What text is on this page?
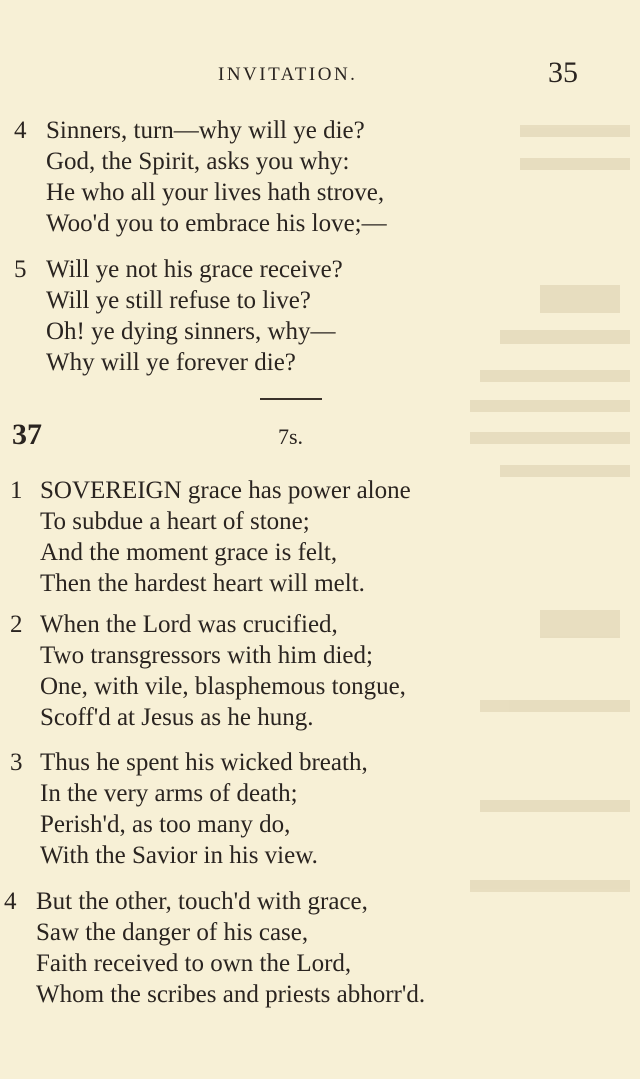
INVITATION.	35
4 Sinners, turn—why will ye die?
God, the Spirit, asks you why:
He who all your lives hath strove,
Woo'd you to embrace his love;—
5 Will ye not his grace receive?
Will ye still refuse to live?
Oh! ye dying sinners, why—
Why will ye forever die?
37	7s.
1 SOVEREIGN grace has power alone
To subdue a heart of stone;
And the moment grace is felt,
Then the hardest heart will melt.
2 When the Lord was crucified,
Two transgressors with him died;
One, with vile, blasphemous tongue,
Scoff'd at Jesus as he hung.
3 Thus he spent his wicked breath,
In the very arms of death;
Perish'd, as too many do,
With the Savior in his view.
4 But the other, touch'd with grace,
Saw the danger of his case,
Faith received to own the Lord,
Whom the scribes and priests abhorr'd.
